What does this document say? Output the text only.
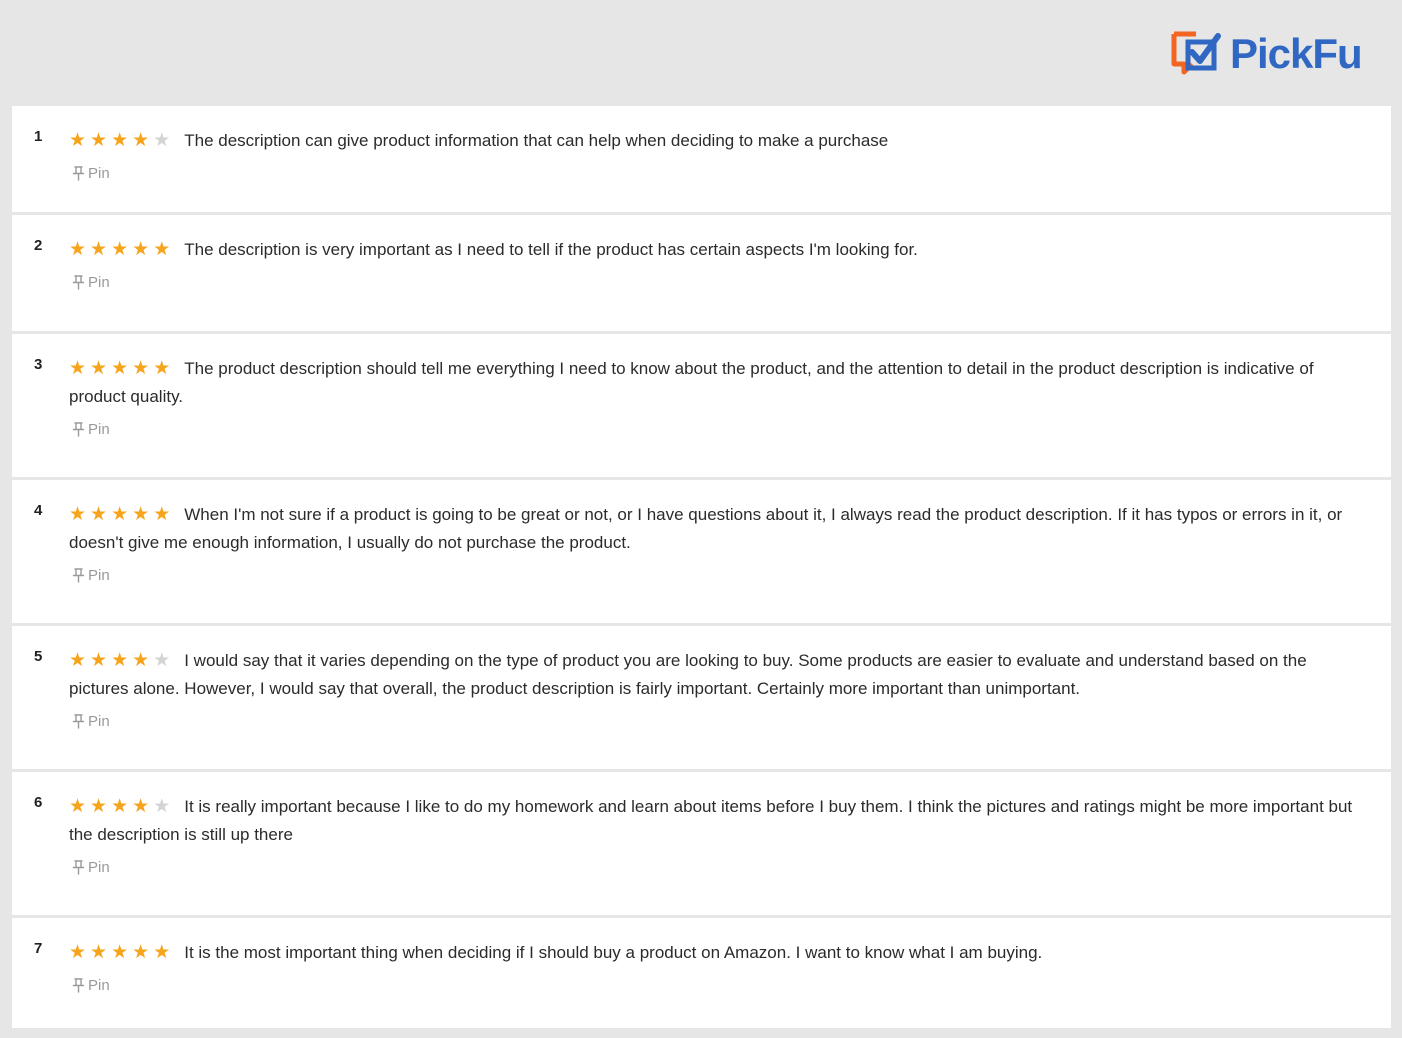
PickFu
1 ★★★★★ The description can give product information that can help when deciding to make a purchase

Pin
2 ★★★★★ The description is very important as I need to tell if the product has certain aspects I'm looking for.

Pin
3 ★★★★★ The product description should tell me everything I need to know about the product, and the attention to detail in the product description is indicative of product quality.

Pin
4 ★★★★★ When I'm not sure if a product is going to be great or not, or I have questions about it, I always read the product description. If it has typos or errors in it, or doesn't give me enough information, I usually do not purchase the product.

Pin
5 ★★★★★ I would say that it varies depending on the type of product you are looking to buy. Some products are easier to evaluate and understand based on the pictures alone. However, I would say that overall, the product description is fairly important. Certainly more important than unimportant.

Pin
6 ★★★★★ It is really important because I like to do my homework and learn about items before I buy them. I think the pictures and ratings might be more important but the description is still up there

Pin
7 ★★★★★ It is the most important thing when deciding if I should buy a product on Amazon. I want to know what I am buying.

Pin
